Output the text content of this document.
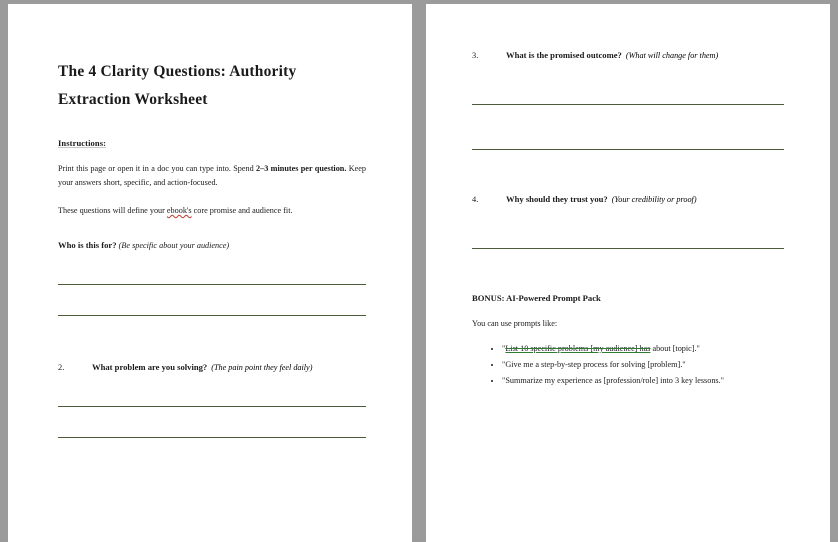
The 4 Clarity Questions: Authority
Extraction Worksheet
Instructions:

Print this page or open it in a doc you can type into. Spend 2–3 minutes per question. Keep your answers short, specific, and action-focused.

These questions will define your ebook's core promise and audience fit.

Who is this for? (Be specific about your audience)
2.	What problem are you solving? (The pain point they feel daily)
3.	What is the promised outcome? (What will change for them)
4.	Why should they trust you? (Your credibility or proof)
BONUS: AI-Powered Prompt Pack

You can use prompts like:

• "List 10 specific problems [my audience] has about [topic]."
• "Give me a step-by-step process for solving [problem]."
• "Summarize my experience as [profession/role] into 3 key lessons."
